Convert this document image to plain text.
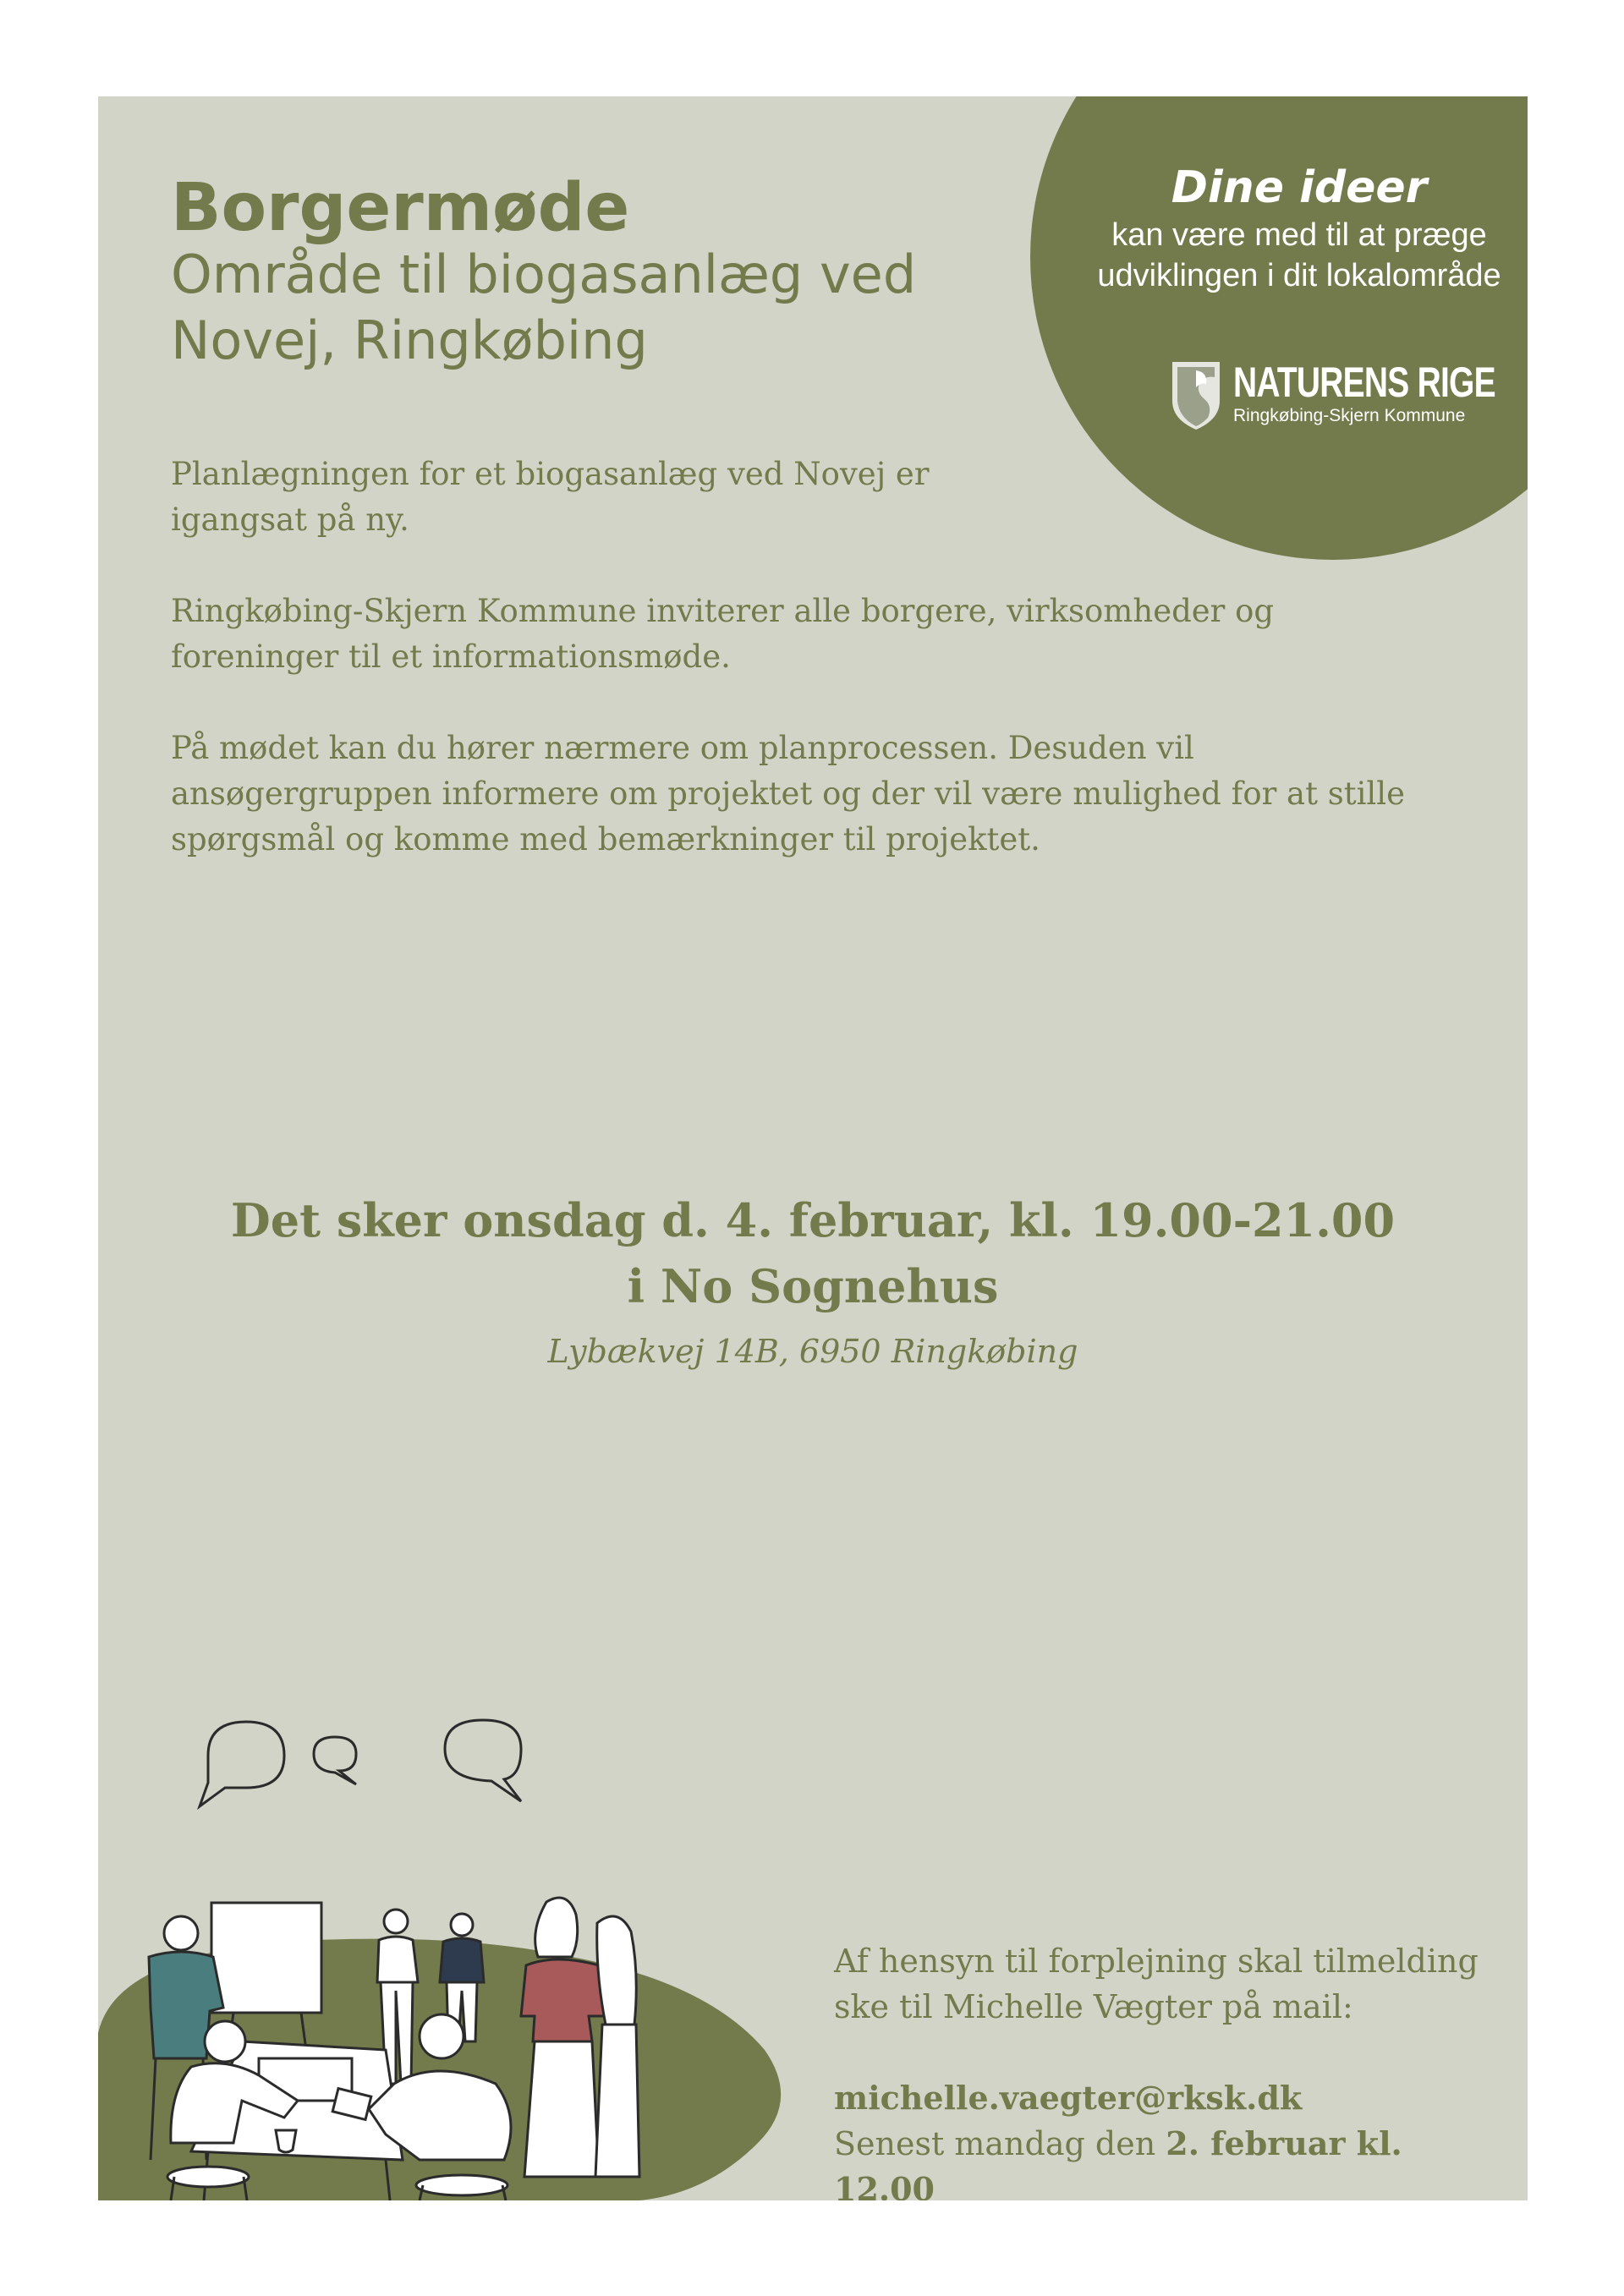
Dine ideer
kan være med til at præge
udviklingen i dit lokalområde
NATURENS RIGE
Ringkøbing-Skjern Kommune
Borgermøde
Område til biogasanlæg ved
Novej, Ringkøbing

Planlægningen for et biogasanlæg ved Novej er
igangsat på ny.

Ringkøbing-Skjern Kommune inviterer alle borgere, virksomheder og
foreninger til et informationsmøde.

På mødet kan du hører nærmere om planprocessen. Desuden vil
ansøgergruppen informere om projektet og der vil være mulighed for at stille
spørgsmål og komme med bemærkninger til projektet.

Det sker onsdag d. 4. februar, kl. 19.00-21.00
i No Sognehus
Lybækvej 14B, 6950 Ringkøbing

Af hensyn til forplejning skal tilmelding
ske til Michelle Vægter på mail:

michelle.vaegter@rksk.dk
Senest mandag den 2. februar kl. 12.00
